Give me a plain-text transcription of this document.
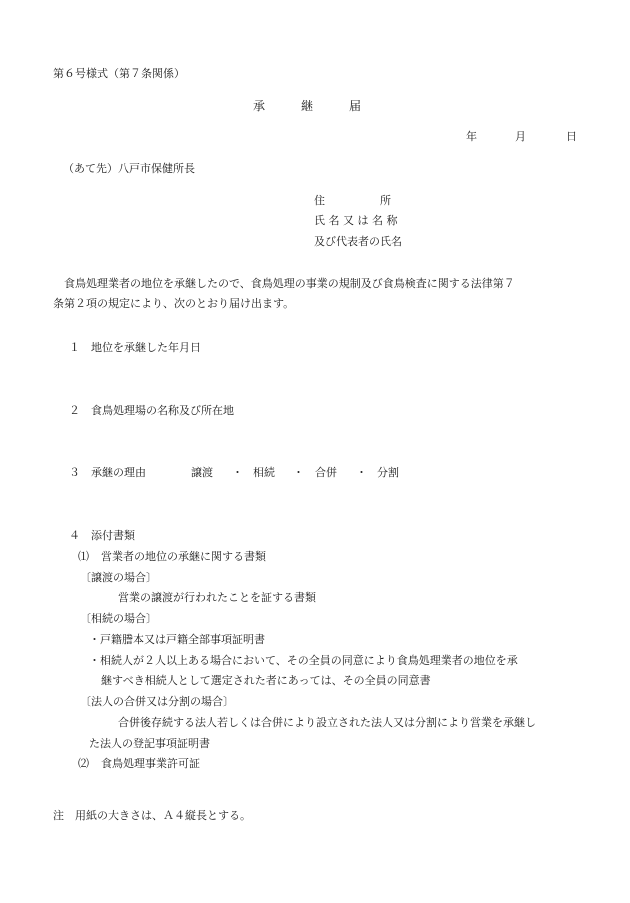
第６号様式（第７条関係）
承　　　継　　　届
年	月	日
（あて先）八戸市保健所長
住　　　　　所
氏 名 又 は 名 称
及び代表者の氏名
食鳥処理業者の地位を承継したので、食鳥処理の事業の規制及び食鳥検査に関する法律第７
条第２項の規定により、次のとおり届け出ます。
１ 地位を承継した年月日
２ 食鳥処理場の名称及び所在地
３ 承継の理由	譲渡 ・ 相続 ・ 合併 ・ 分割
４ 添付書類
⑴ 営業者の地位の承継に関する書類
〔譲渡の場合〕
営業の譲渡が行われたことを証する書類
〔相続の場合〕
・戸籍謄本又は戸籍全部事項証明書
・相続人が２人以上ある場合において、その全員の同意により食鳥処理業者の地位を承
継すべき相続人として選定された者にあっては、その全員の同意書
〔法人の合併又は分割の場合〕
合併後存続する法人若しくは合併により設立された法人又は分割により営業を承継し
た法人の登記事項証明書
⑵ 食鳥処理事業許可証
注　用紙の大きさは、Ａ４縦長とする。
